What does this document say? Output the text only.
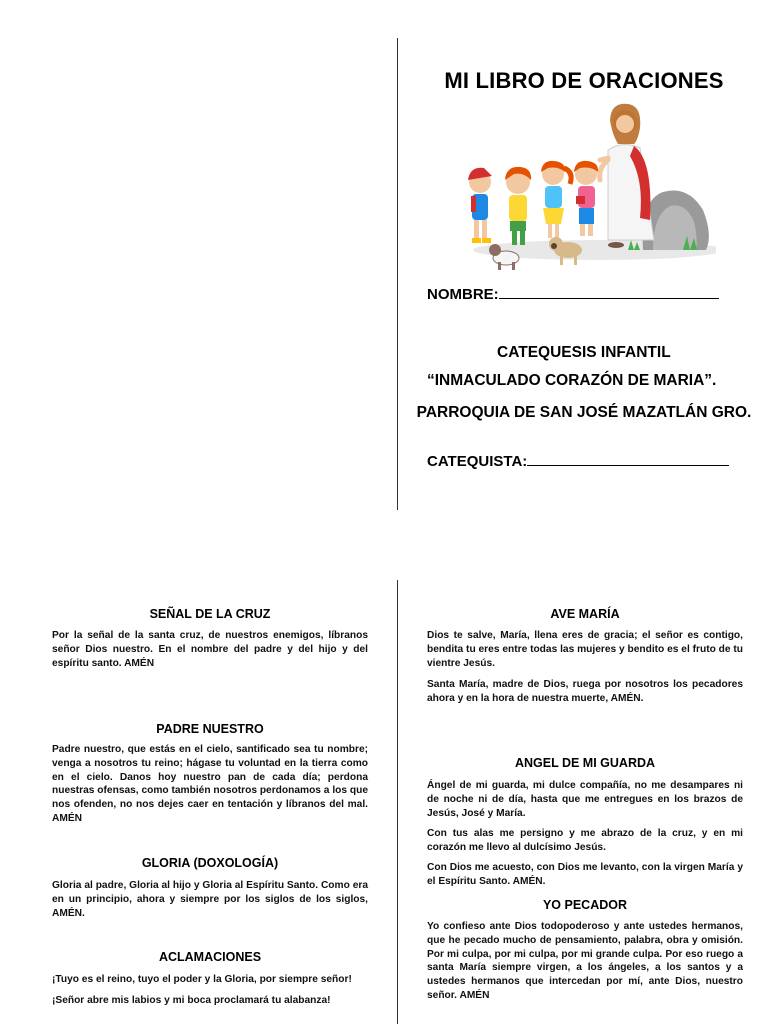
MI LIBRO DE ORACIONES
NOMBRE:
CATEQUESIS INFANTIL
“INMACULADO CORAZÓN DE MARIA”.
PARROQUIA DE SAN JOSÉ MAZATLÁN GRO.
CATEQUISTA:
SEÑAL DE LA CRUZ
Por la señal de la santa cruz, de nuestros enemigos, líbranos señor Dios nuestro. En el nombre del padre y del hijo y del espíritu santo. AMÉN
PADRE NUESTRO
Padre nuestro, que estás en el cielo, santificado sea tu nombre; venga a nosotros tu reino; hágase tu voluntad en la tierra como en el cielo. Danos hoy nuestro pan de cada día; perdona nuestras ofensas, como también nosotros perdonamos a los que nos ofenden, no nos dejes caer en tentación y líbranos del mal. AMÉN
GLORIA (DOXOLOGÍA)
Gloria al padre, Gloria al hijo y Gloria al Espíritu Santo. Como era en un principio, ahora y siempre por los siglos de los siglos, AMÉN.
ACLAMACIONES
¡Tuyo es el reino, tuyo el poder y la Gloria, por siempre señor!
¡Señor abre mis labios y mi boca proclamará tu alabanza!
AVE MARÍA
Dios te salve, María, llena eres de gracia; el señor es contigo, bendita tu eres entre todas las mujeres y bendito es el fruto de tu vientre Jesús.
Santa María, madre de Dios, ruega por nosotros los pecadores ahora y en la hora de nuestra muerte, AMÉN.
ANGEL DE MI GUARDA
Ángel de mi guarda, mi dulce compañía, no me desampares ni de noche ni de día, hasta que me entregues en los brazos de Jesús, José y María.
Con tus alas me persigno y me abrazo de la cruz, y en mi corazón me llevo al dulcísimo Jesús.
Con Dios me acuesto, con Dios me levanto, con la virgen María y el Espíritu Santo. AMÉN.
YO PECADOR
Yo confieso ante Dios todopoderoso y ante ustedes hermanos, que he pecado mucho de pensamiento, palabra, obra y omisión. Por mi culpa, por mi culpa, por mi grande culpa. Por eso ruego a santa María siempre virgen, a los ángeles, a los santos y a ustedes hermanos que intercedan por mí, ante Dios, nuestro señor. AMÉN
